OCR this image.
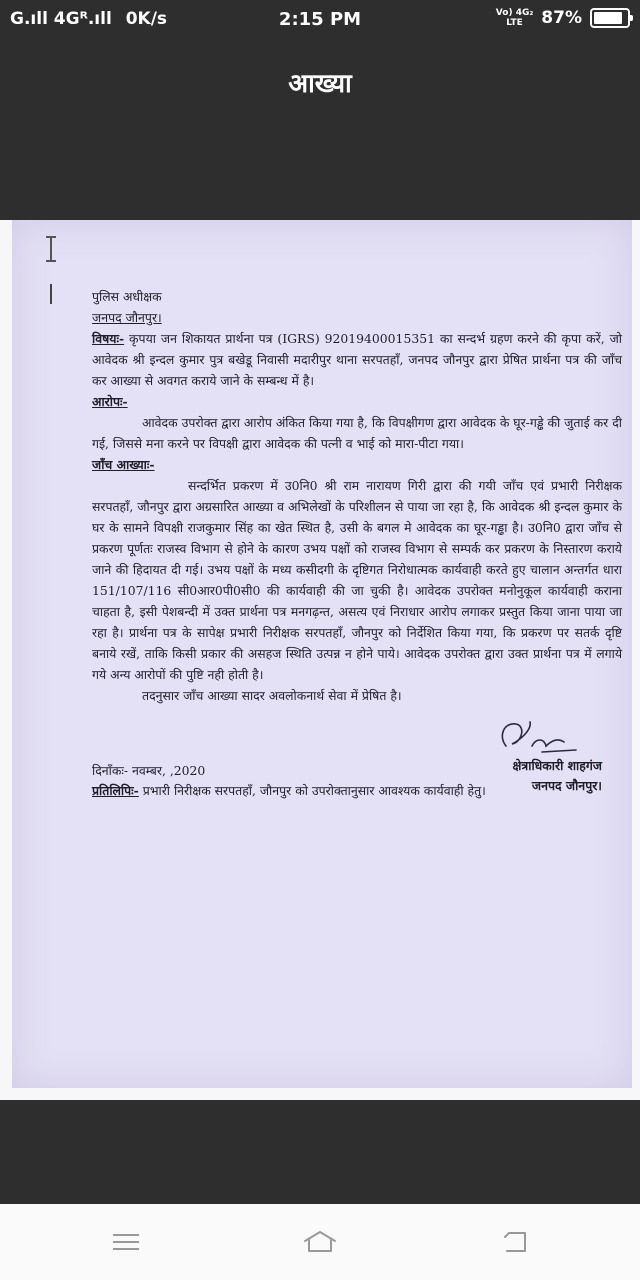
G.ıll 4Gᴿ.ıll 0K/s	2:15 PM	Vo) 4G₂
LTE	87%
आख्या

पुलिस अधीक्षक

जनपद जौनपुर।

विषयः- कृपया जन शिकायत प्रार्थना पत्र (IGRS) 92019400015351 का सन्दर्भ ग्रहण करने की कृपा करें, जो आवेदक श्री इन्दल कुमार पुत्र बखेडू निवासी मदारीपुर थाना सरपतहाँ, जनपद जौनपुर द्वारा प्रेषित प्रार्थना पत्र की जाँच कर आख्या से अवगत कराये जाने के सम्बन्ध में है।

आरोपः-

आवेदक उपरोक्त द्वारा आरोप अंकित किया गया है, कि विपक्षीगण द्वारा आवेदक के घूर-गड्ढे की जुताई कर दी गई, जिससे मना करने पर विपक्षी द्वारा आवेदक की पत्नी व भाई को मारा-पीटा गया।

जाँच आख्याः-

सन्दर्भित प्रकरण में उ0नि0 श्री राम नारायण गिरी द्वारा की गयी जाँच एवं प्रभारी निरीक्षक सरपतहाँ, जौनपुर द्वारा अग्रसारित आख्या व अभिलेखों के परिशीलन से पाया जा रहा है, कि आवेदक श्री इन्दल कुमार के घर के सामने विपक्षी राजकुमार सिंह का खेत स्थित है, उसी के बगल मे आवेदक का घूर-गड्ढा है। उ0नि0 द्वारा जाँच से प्रकरण पूर्णतः राजस्व विभाग से होने के कारण उभय पक्षों को राजस्व विभाग से सम्पर्क कर प्रकरण के निस्तारण कराये जाने की हिदायत दी गई। उभय पक्षों के मध्य कसीदगी के दृष्टिगत निरोधात्मक कार्यवाही करते हुए चालान अन्तर्गत धारा 151/107/116 सी0आर0पी0सी0 की कार्यवाही की जा चुकी है। आवेदक उपरोक्त मनोनुकूल कार्यवाही कराना चाहता है, इसी पेशबन्दी में उक्त प्रार्थना पत्र मनगढ़न्त, असत्य एवं निराधार आरोप लगाकर प्रस्तुत किया जाना पाया जा रहा है। प्रार्थना पत्र के सापेक्ष प्रभारी निरीक्षक सरपतहाँ, जौनपुर को निर्देशित किया गया, कि प्रकरण पर सतर्क दृष्टि बनाये रखें, ताकि किसी प्रकार की असहज स्थिति उत्पन्न न होने पाये। आवेदक उपरोक्त द्वारा उक्त प्रार्थना पत्र में लगाये गये अन्य आरोपों की पुष्टि नही होती है।

तदनुसार जाँच आख्या सादर अवलोकनार्थ सेवा में प्रेषित है।

दिनाँकः- नवम्बर, ,2020	क्षेत्राधिकारी शाहगंज

जनपद जौनपुर।

प्रतिलिपिः- प्रभारी निरीक्षक सरपतहाँ, जौनपुर को उपरोक्तानुसार आवश्यक कार्यवाही हेतु।
